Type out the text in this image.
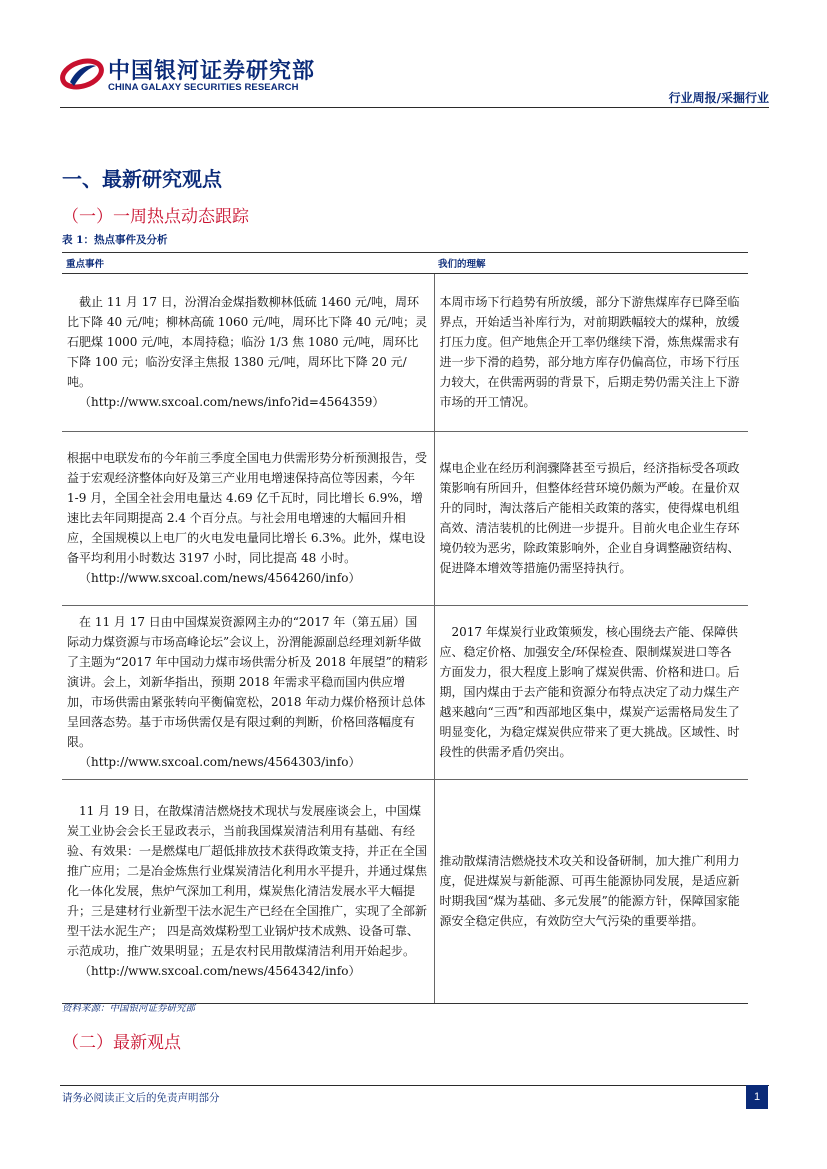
中国银河证券研究部
CHINA GALAXY SECURITIES RESEARCH
行业周报/采掘行业
一、最新研究观点
（一）一周热点动态跟踪
表 1：热点事件及分析
重点事件	我们的理解

截止 11 月 17 日，汾渭冶金煤指数柳林低硫 1460 元/吨，周环比下降 40 元/吨；柳林高硫 1060 元/吨，周环比下降 40 元/吨；灵石肥煤 1000 元/吨，本周持稳；临汾 1/3 焦 1080 元/吨，周环比下降 100 元；临汾安泽主焦报 1380 元/吨，周环比下降 20 元/吨。
（http://www.sxcoal.com/news/info?id=4564359）	本周市场下行趋势有所放缓，部分下游焦煤库存已降至临界点，开始适当补库行为，对前期跌幅较大的煤种，放缓打压力度。但产地焦企开工率仍继续下滑，炼焦煤需求有进一步下滑的趋势，部分地方库存仍偏高位，市场下行压力较大，在供需两弱的背景下，后期走势仍需关注上下游市场的开工情况。

根据中电联发布的今年前三季度全国电力供需形势分析预测报告，受益于宏观经济整体向好及第三产业用电增速保持高位等因素，今年 1-9 月，全国全社会用电量达 4.69 亿千瓦时，同比增长 6.9%，增速比去年同期提高 2.4 个百分点。与社会用电增速的大幅回升相应，全国规模以上电厂的火电发电量同比增长 6.3%。此外，煤电设备平均利用小时数达 3197 小时，同比提高 48 小时。
（http://www.sxcoal.com/news/4564260/info）	煤电企业在经历利润骤降甚至亏损后，经济指标受各项政策影响有所回升，但整体经营环境仍颇为严峻。在量价双升的同时，淘汰落后产能相关政策的落实，使得煤电机组高效、清洁装机的比例进一步提升。目前火电企业生存环境仍较为恶劣，除政策影响外，企业自身调整融资结构、促进降本增效等措施仍需坚持执行。

在 11 月 17 日由中国煤炭资源网主办的“2017 年（第五届）国际动力煤资源与市场高峰论坛”会议上，汾渭能源副总经理刘新华做了主题为“2017 年中国动力煤市场供需分析及 2018 年展望”的精彩演讲。会上，刘新华指出，预期 2018 年需求平稳而国内供应增加，市场供需由紧张转向平衡偏宽松，2018 年动力煤价格预计总体呈回落态势。基于市场供需仅是有限过剩的判断，价格回落幅度有限。
（http://www.sxcoal.com/news/4564303/info）	2017 年煤炭行业政策频发，核心围绕去产能、保障供应、稳定价格、加强安全/环保检查、限制煤炭进口等各方面发力，很大程度上影响了煤炭供需、价格和进口。后期，国内煤由于去产能和资源分布特点决定了动力煤生产越来越向“三西”和西部地区集中，煤炭产运需格局发生了明显变化，为稳定煤炭供应带来了更大挑战。区域性、时段性的供需矛盾仍突出。

11 月 19 日，在散煤清洁燃烧技术现状与发展座谈会上，中国煤炭工业协会会长王显政表示，当前我国煤炭清洁利用有基础、有经验、有效果：一是燃煤电厂超低排放技术获得政策支持，并正在全国推广应用；二是冶金炼焦行业煤炭清洁化利用水平提升，并通过煤焦化一体化发展，焦炉气深加工利用，煤炭焦化清洁发展水平大幅提升；三是建材行业新型干法水泥生产已经在全国推广，实现了全部新型干法水泥生产； 四是高效煤粉型工业锅炉技术成熟、设备可靠、示范成功，推广效果明显；五是农村民用散煤清洁利用开始起步。
（http://www.sxcoal.com/news/4564342/info）	推动散煤清洁燃烧技术攻关和设备研制，加大推广利用力度，促进煤炭与新能源、可再生能源协同发展，是适应新时期我国“煤为基础、多元发展”的能源方针，保障国家能源安全稳定供应，有效防空大气污染的重要举措。
资料来源：中国银河证券研究部
（二）最新观点
请务必阅读正文后的免责声明部分	1
